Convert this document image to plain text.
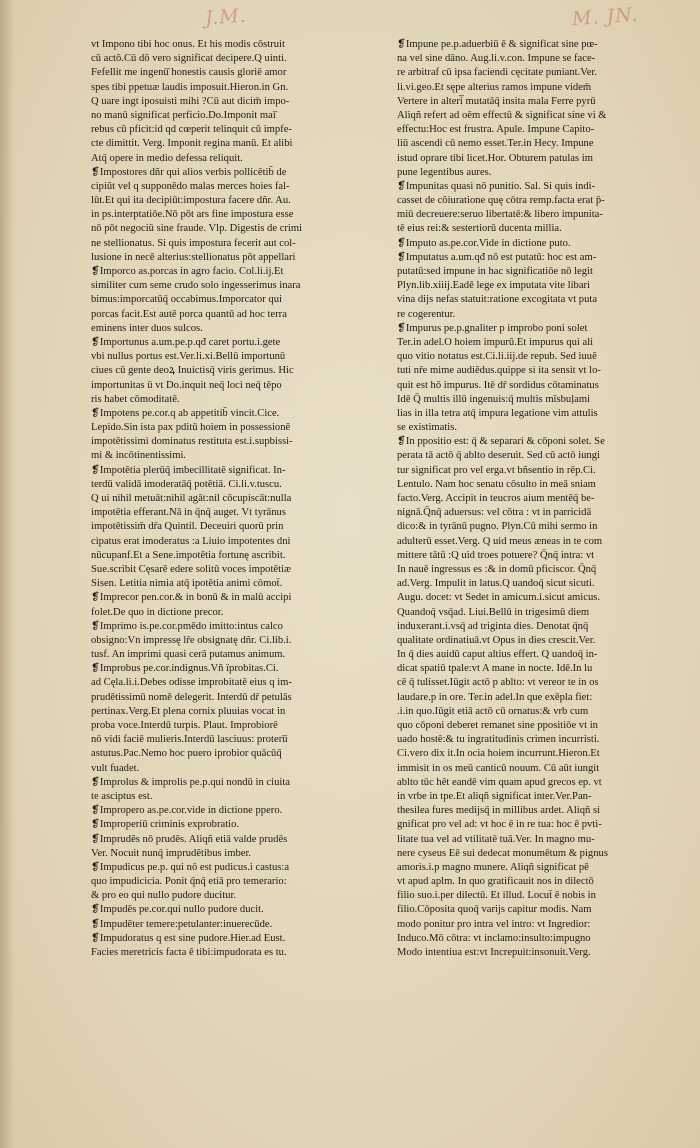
J.M.	M. JN.
vt Impono tibi hoc onus. Et his modis cōstruit
cū actō.Cū dō vero significat decipere.Q uinti.
Fefellit me ingenū̄ honestis causis gloriē amor
spes tibi ppetuæ laudis imposuit.Hieron.in Gn.
Q uare ingt iposuisti mihi ?Cū aut dicim̄ impo-
no manū significat perficio.Do.Imponit maī̄
rebus cū pficit:id qd cœperit telinquit cū impfe-
cte dimittit. Verg. Imponit regina manū. Et alibi
Atq̄ opere in medio defessa reliquit.
❡Impostores dñr qui alios verbis pollicētib̄ de
cipiūt vel q supponēdo malas merces hoies fal-
lūt.Et qui ita decipiūt:impostura facere dñr. Au.
in ps.interptatiōe.Nō pōt ars fine impostura esse
nō pōt negociū sine fraude. Vlp. Digestis de crimi
ne stellionatus. Si quis impostura fecerit aut col-
lusione in necē alterius:stellionatus pōt appellari
❡Imporco as.porcas in agro facio. Col.li.ij.Et
similiter cum seme crudo solo ingesserimus inara
bimus:imporcatūq̄ occabimus.Imporcator qui
porcas facit.Est autē porca quantū ad hoc terra
eminens inter duos sulcos.
❡Importunus a.um.pe.p.qđ caret portu.i.gete
vbi nullus portus est.Ver.li.xi.Bellū importunū
ciues cū gente deoꝝ Inuictisq̄ viris gerimus. Hic
importunitas ū vt Do.inquit neq̄ loci neq̄ tēpo
ris habet cōmoditatē.
❡Impotens pe.cor.q ab appetitib̄ vincit.Cice.
Lepido.Sin ista pax pditū hoiem in possessionē
impotētissimi dominatus restituta est.i.supbissi-
mi & incōtinentissimi.
❡Impotētia plerūq̄ imbecillitatē significat. In-
terdū validā imoderatāq̄ potētiā. Ci.li.v.tuscu.
Q ui nihil metuāt:nihil agāt:nil cōcupiscāt:nulla
impotētia efferant.Nā in q̄nq̄ auget. Vt tyrānus
impotētissim̄ dr̄a Quintil. Deceuiri quorū prin
cipatus erat imoderatus :a Liuio impotentes dni
nūcupanf.Et a Sene.impotētia fortunę ascribit.
Sue.scribit Cęsarē edere solitū voces impotētiæ
Sisen. Letitia nimia atq̄ ipotētia animi cōmot̄.
❡Imprecor pen.cor.& in bonū & in malū accipi
folet.De quo in dictione precor.
❡Imprimo is.pe.cor.pmēdo imitto:intus calco
obsigno:Vn impressę lr̄e obsignatę dñr. Ci.lib.i.
tusf. An imprimi quasi cerā putamus animum.
❡Improbus pe.cor.indignus.Vñ ïprobitas.Ci.
ad Cęla.li.i.Debes odisse improbitatē eius q im-
prudētissimū nomē delegerit. Interdū dr̄ petulās
pertinax.Verg.Et plena cornix pluuias vocat in
proba voce.Interdū turpis. Plaut. Improbiorē
nō vidi faciē mulieris.Interdū lasciuus: proteru̅
astutus.Pac.Nemo hoc puero iprobior quācūq̄
vult fuadet.
❡Improlus & improlis pe.p.qui nondū in ciuita
te asciptus est.
❡Impropero as.pe.cor.vide in dictione ppero.
❡Improperiū criminis exprobratio.
❡Imprudēs nō prudēs. Aliqñ etiā valde prudēs
Ver. Nocuit nunq̄ imprudētibus imber.
❡Impudicus pe.p. qui nō est pudicus.i castus:a
quo impudicicia. Ponit q̄nq̄ etiā pro temerario:
& pro eo qui nullo pudore ducitur.
❡Impudēs pe.cor.qui nullo pudore ducit.
❡Impudēter temere:petulanter:inuerecūde.
❡Impudoratus q est sine pudore.Hier.ad Eust.
Facies meretricis facta ē tibi:impudorata es tu.
❡Impune pe.p.aduerbiū ē & significat sine pœ-
na vel sine dāno. Aug.li.v.con. Impune se face-
re arbitraf cū ipsa faciendi cęcitate puniant.Ver.
li.vi.geo.Et sępe alterius ramos impune videm̄
Vertere in alteri̅ mutatāq̄ insita mala Ferre pyrū
Aliqñ refert ad oēm effectū & significat sine vi &
effectu:Hoc est frustra. Apule. Impune Capito-
liū ascendi cū nemo esset.Ter.in Hecy. Impune
istud oprare tibi licet.Hor. Obturem patulas im
pune legentibus aures.
❡Impunitas quasi nō punitio. Sal. Si quis indi-
casset de cōiuratione quę cōtra remp.facta erat p̄-
miū decreuere:seruo libertatē:& libero impunita-
tē eius rei:& sestertiorū ducenta millia.
❡Imputo as.pe.cor.Vide in dictione puto.
❡Imputatus a.um.qđ nō est putatū: hoc est am-
putatū:sed impune in hac significatiōe nō legit
Plyn.lib.xiiij.Eadē lege ex imputata vite libari
vina dijs nefas statuit:ratione excogitata vt puta
re cogerentur.
❡Impurus pe.p.gnaliter p improbo poni solet
Ter.in adel.O hoiem impurū.Et impurus qui ali
quo vitio notatus est.Ci.li.iij.de repub. Sed iuuē
tuti nr̄e mime audiēdus.quippe si ita sensit vt lo-
quit est hō impurus. Itē dr̄ sordidus cōtaminatus
Idē Q̄ multis illū ingenuis:q̄ multis mīsbuļami
lias in illa tetra atq̄ impura legatione vim attulis
se existimatis.
❡In ppositio est: q̄ & separari & cōponi solet. Se
perata tā actō q̄ ablto deseruit. Sed cū actō iungi
tur significat pro vel erga.vt bñsentio in rēp.Ci.
Lentulo. Nam hoc senatu cōsulto in meā sniam
facto.Verg. Accipit in teucros aium mentēq̄ be-
nignā.Q̄nq̄ aduersus: vel cōtra : vt in parricidā
dico:& in tyrānū pugno. Plyn.Cū mihi sermo in
adulterū esset.Verg. Q uid meus æneas in te com
mittere tātū :Q uid troes potuere? Q̄nq̄ intra: vt
In nauē ingressus es :& in domū pficiscor. Q̄nq̄
ad.Verg. Impulit in latus.Q uandoq̄ sicut sicuti.
Augu. docet: vt Sedet in amicum.i.sicut amicus.
Quandoq̄ vsq̄ad. Liui.Bellū in trigesimū diem
induxerant.i.vsq̄ ad triginta dies. Denotat q̄nq̄
qualitate ordinatiuā.vt Opus in dies crescit.Ver.
In q̄ dies auidū caput altius effert. Q uandoq̄ in-
dicat spatiū tpale:vt A mane in nocte. Idē.In lu
cē q̄ tulisset.Iūgit actō p ablto: vt vereor te in os
laudare.p in ore. Ter.in adel.In que exēpla fiet:
.i.in quo.Iūgit etiā actō cū ornatus:& vrb cum
quo cōponi deberet remanet sine ppositiōe vt in
uado hostē:& tu ingratitudinis crimen incurristi.
Ci.vero dix it.In ocia hoiem incurrunt.Hieron.Et
immisit in os meū canticū nouum. Cū aūt iungit
ablto tūc hēt eandē vim quam apud grecos ep. vt
in vrbe in tpe.Et aliqñ significat inter.Ver.Pan-
thesilea fures medijsq̄ in millibus ardet. Aliqñ si
gnificat pro vel ad: vt hoc ē in re tua: hoc ē pvti-
litate tua vel ad vtilitatē tuā.Ver. In magno mu-
nere cyseus Eē sui dedecat monumētum & pignus
amoris.i.p magno munere. Aliqñ significat pē
vt apud aplm. In quo gratificauit nos in dilectō
filio suo.i.per dilectū. Et illud. Locut̄ ē nobis in
filio.Cōposita quoq̄ varijs capitur modis. Nam
modo ponitur pro intra vel intro: vt Ingredior:
Induco.Mō cōtra: vt inclamo:insulto:impugno
Modo intentiua est:vt Increpuit:insonuit.Verg.
